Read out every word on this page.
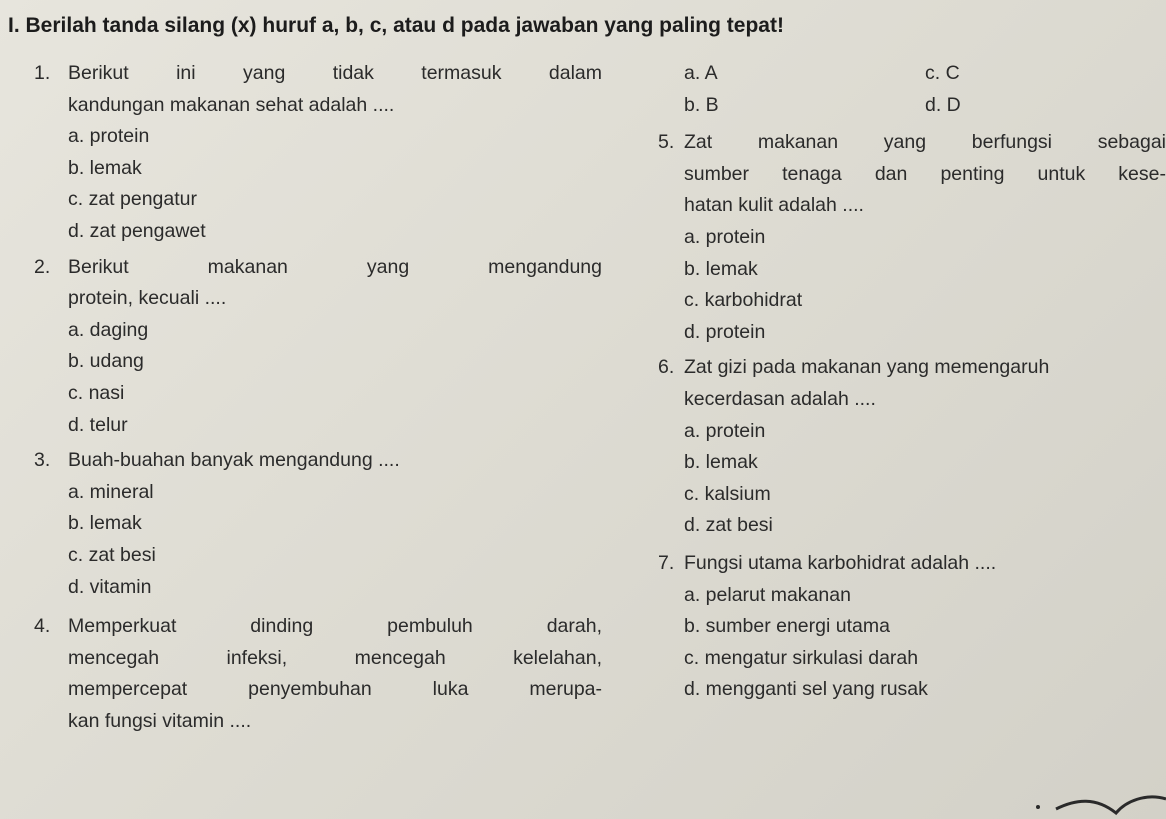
I. Berilah tanda silang (x) huruf a, b, c, atau d pada jawaban yang paling tepat!
1. Berikut ini yang tidak termasuk dalam
kandungan makanan sehat adalah ....
a. protein
b. lemak
c. zat pengatur
d. zat pengawet
2. Berikut makanan yang mengandung
protein, kecuali ....
a. daging
b. udang
c. nasi
d. telur
3. Buah-buahan banyak mengandung ....
a. mineral
b. lemak
c. zat besi
d. vitamin
4. Memperkuat dinding pembuluh darah,
mencegah infeksi, mencegah kelelahan,
mempercepat penyembuhan luka merupa-
kan fungsi vitamin ....
a. A	c. C
b. B	d. D
5. Zat makanan yang berfungsi sebagai
sumber tenaga dan penting untuk kese-
hatan kulit adalah ....
a. protein
b. lemak
c. karbohidrat
d. protein
6. Zat gizi pada makanan yang memengaruh
kecerdasan adalah ....
a. protein
b. lemak
c. kalsium
d. zat besi
7. Fungsi utama karbohidrat adalah ....
a. pelarut makanan
b. sumber energi utama
c. mengatur sirkulasi darah
d. mengganti sel yang rusak
